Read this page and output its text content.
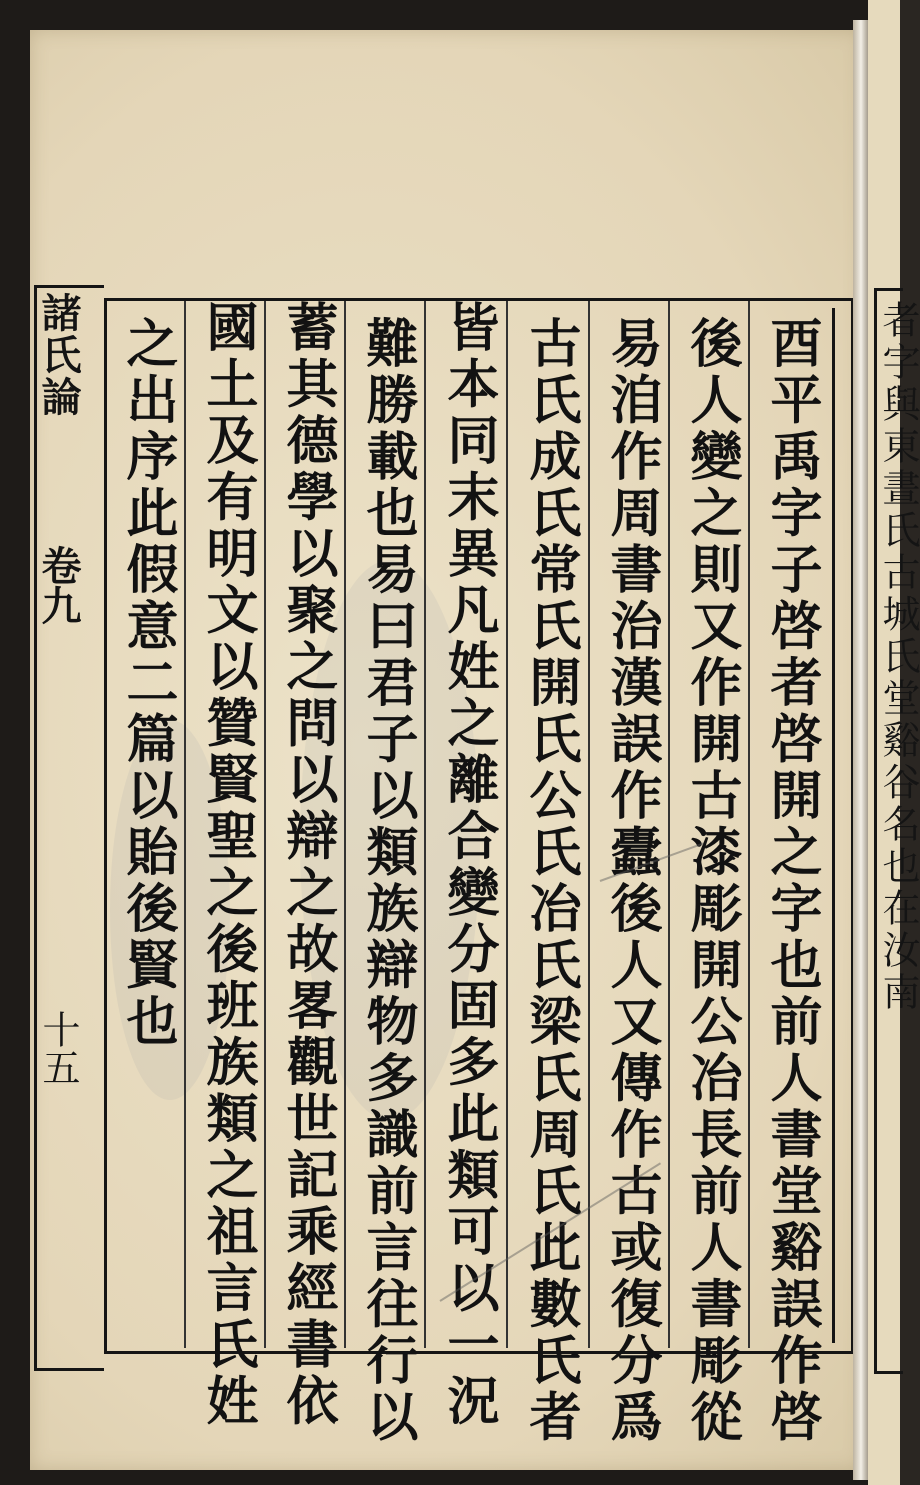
諸氏論
卷九
十五	酉平禹字子啓者啓開之字也前人書堂谿誤作啓
後人變之則又作開古漆彫開公冶長前人書彫從
易洎作周書治漢誤作蠹後人又傳作古或復分爲
古氏成氏常氏開氏公氏冶氏梁氏周氏此數氏者
皆本同末異凡姓之離合變分固多此類可以一況
難勝載也易曰君子以類族辯物多識前言往行以
蓄其德學以聚之問以辯之故畧觀世記乘經書依
國土及有明文以贊賢聖之後班族類之祖言氏姓
之出序此假意二篇以貽後賢也	者字與東晝氏古城氏堂谿谷名也在汝南
